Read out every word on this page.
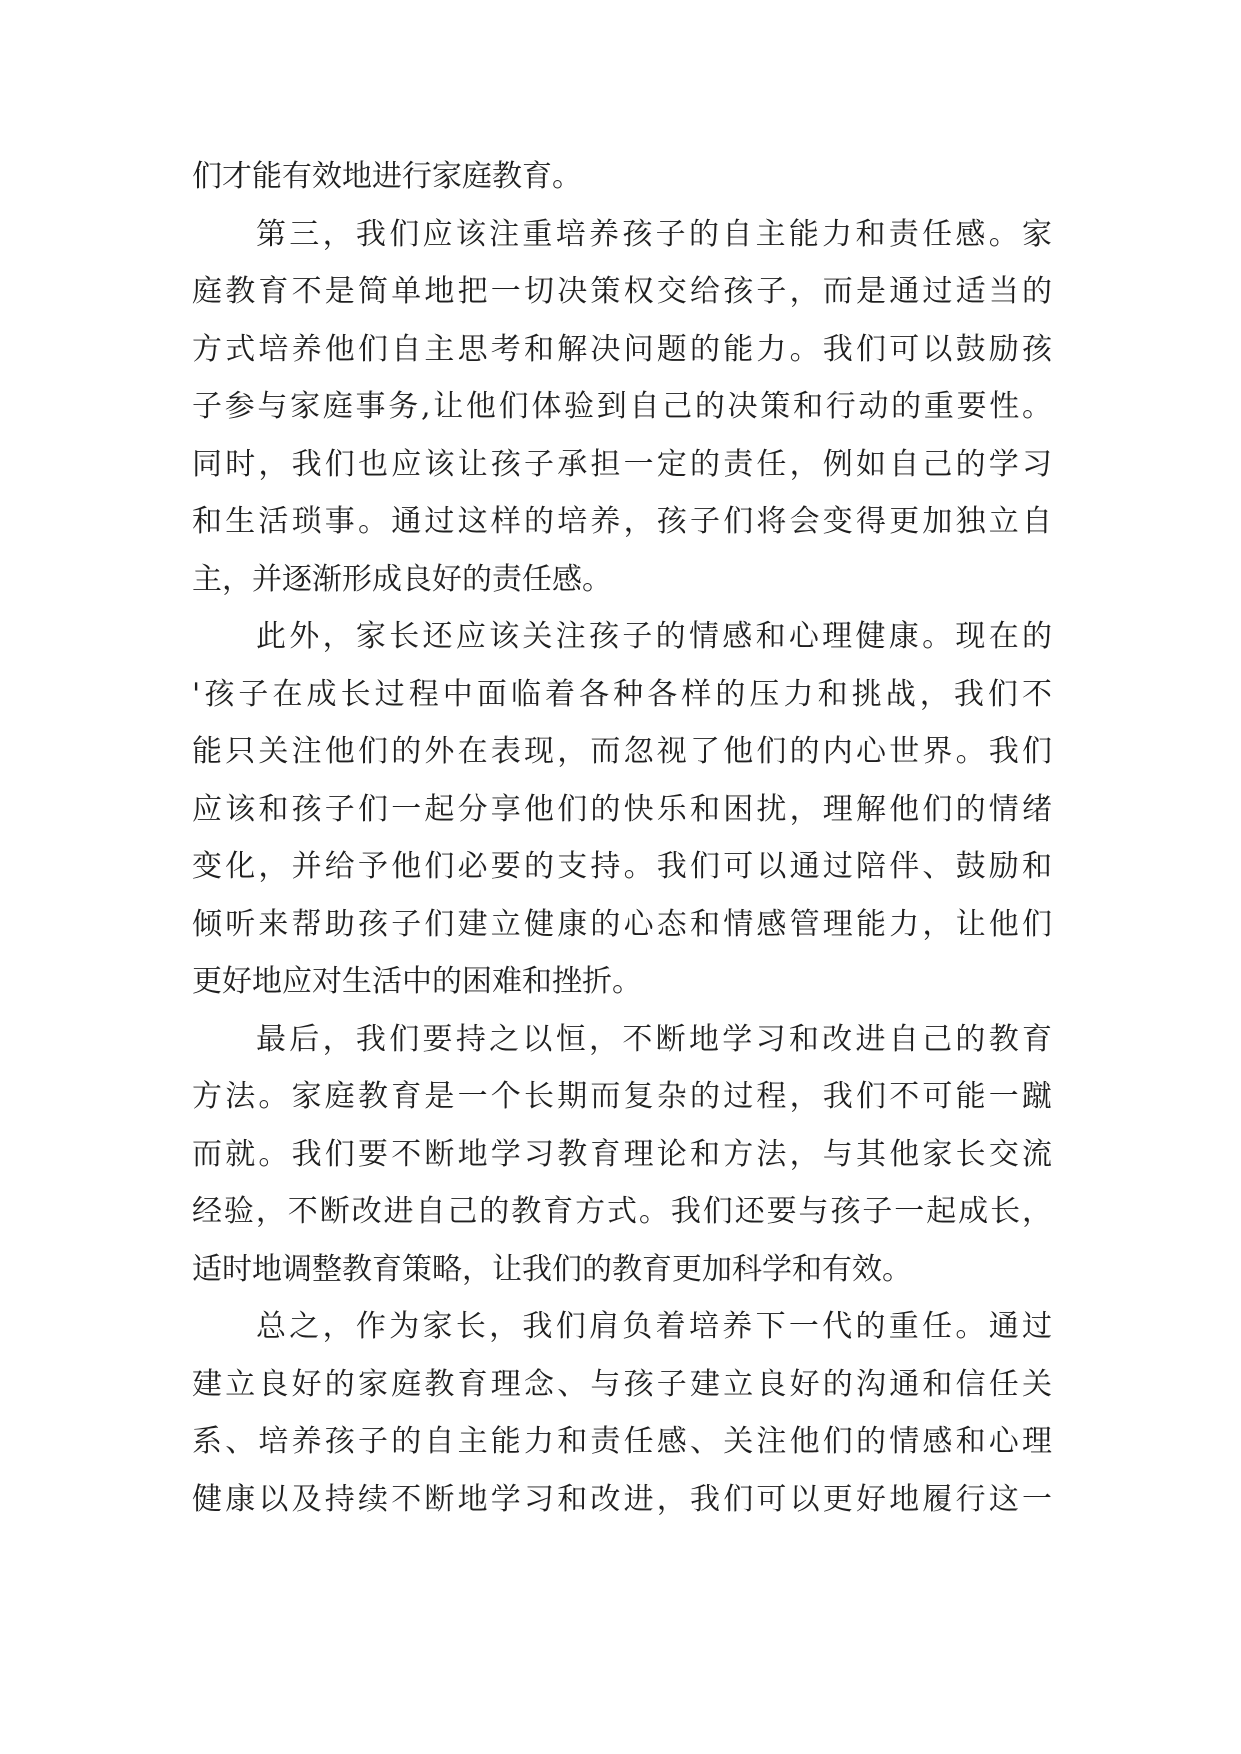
们才能有效地进行家庭教育。
第三，我们应该注重培养孩子的自主能力和责任感。家
庭教育不是简单地把一切决策权交给孩子，而是通过适当的
方式培养他们自主思考和解决问题的能力。我们可以鼓励孩
子参与家庭事务,让他们体验到自己的决策和行动的重要性。
同时，我们也应该让孩子承担一定的责任，例如自己的学习
和生活琐事。通过这样的培养，孩子们将会变得更加独立自
主，并逐渐形成良好的责任感。
此外，家长还应该关注孩子的情感和心理健康。现在的
'孩子在成长过程中面临着各种各样的压力和挑战，我们不
能只关注他们的外在表现，而忽视了他们的内心世界。我们
应该和孩子们一起分享他们的快乐和困扰，理解他们的情绪
变化，并给予他们必要的支持。我们可以通过陪伴、鼓励和
倾听来帮助孩子们建立健康的心态和情感管理能力，让他们
更好地应对生活中的困难和挫折。
最后，我们要持之以恒，不断地学习和改进自己的教育
方法。家庭教育是一个长期而复杂的过程，我们不可能一蹴
而就。我们要不断地学习教育理论和方法，与其他家长交流
经验，不断改进自己的教育方式。我们还要与孩子一起成长，
适时地调整教育策略，让我们的教育更加科学和有效。
总之，作为家长，我们肩负着培养下一代的重任。通过
建立良好的家庭教育理念、与孩子建立良好的沟通和信任关
系、培养孩子的自主能力和责任感、关注他们的情感和心理
健康以及持续不断地学习和改进，我们可以更好地履行这一
